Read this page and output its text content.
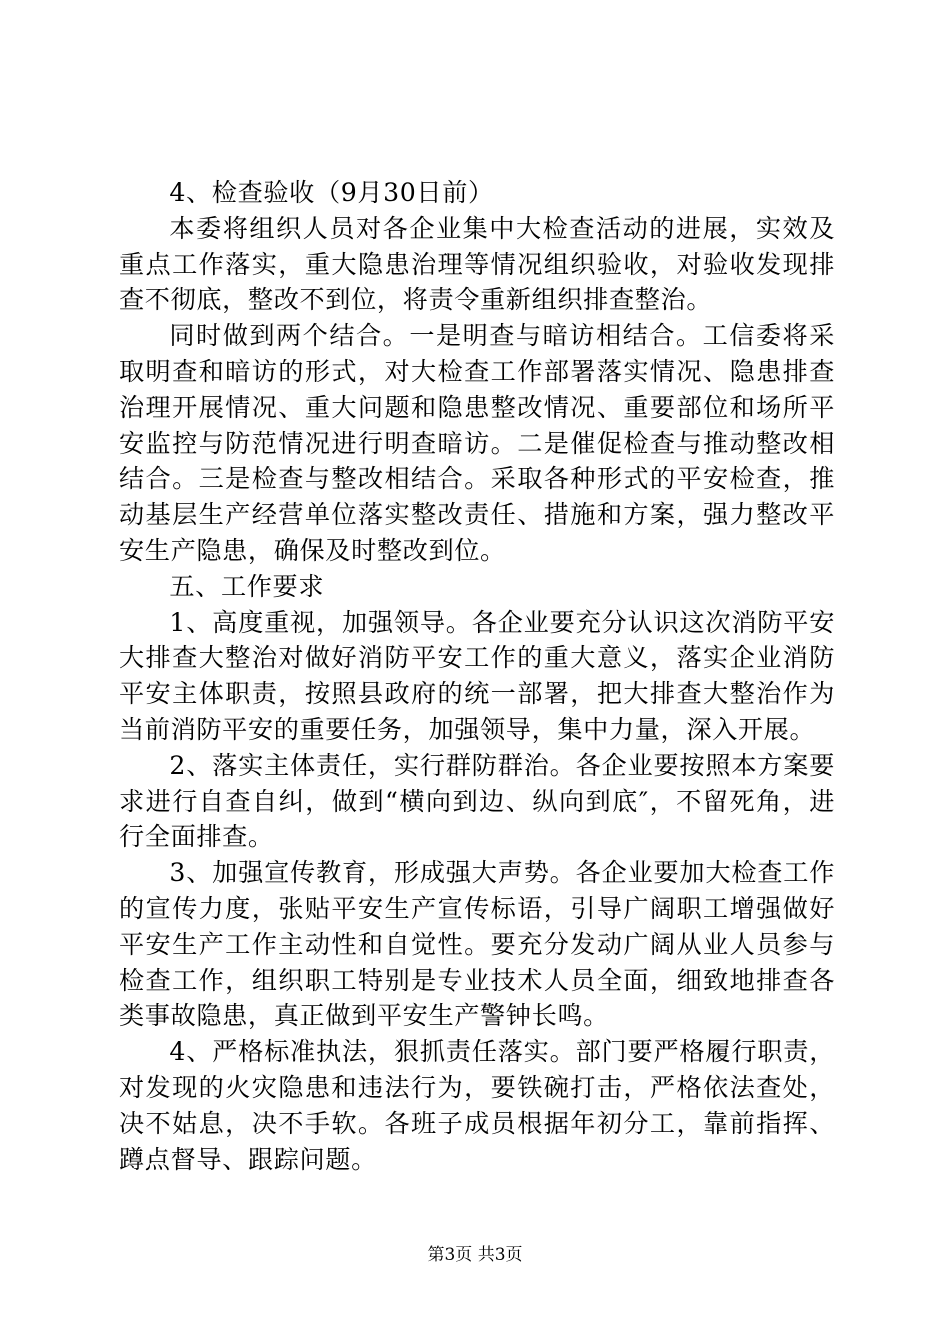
4、检查验收（9月30日前）

本委将组织人员对各企业集中大检查活动的进展，实效及重点工作落实，重大隐患治理等情况组织验收，对验收发现排查不彻底，整改不到位，将责令重新组织排查整治。

同时做到两个结合。一是明查与暗访相结合。工信委将采取明查和暗访的形式，对大检查工作部署落实情况、隐患排查治理开展情况、重大问题和隐患整改情况、重要部位和场所平安监控与防范情况进行明查暗访。二是催促检查与推动整改相结合。三是检查与整改相结合。采取各种形式的平安检查，推动基层生产经营单位落实整改责任、措施和方案，强力整改平安生产隐患，确保及时整改到位。

五、工作要求

1、高度重视，加强领导。各企业要充分认识这次消防平安大排查大整治对做好消防平安工作的重大意义，落实企业消防平安主体职责，按照县政府的统一部署，把大排查大整治作为当前消防平安的重要任务，加强领导，集中力量，深入开展。

2、落实主体责任，实行群防群治。各企业要按照本方案要求进行自查自纠，做到“横向到边、纵向到底″，不留死角，进行全面排查。

3、加强宣传教育，形成强大声势。各企业要加大检查工作的宣传力度，张贴平安生产宣传标语，引导广阔职工增强做好平安生产工作主动性和自觉性。要充分发动广阔从业人员参与检查工作，组织职工特别是专业技术人员全面，细致地排查各类事故隐患，真正做到平安生产警钟长鸣。

4、严格标准执法，狠抓责任落实。部门要严格履行职责，对发现的火灾隐患和违法行为，要铁碗打击，严格依法查处，决不姑息，决不手软。各班子成员根据年初分工，靠前指挥、蹲点督导、跟踪问题。

第3页 共3页
